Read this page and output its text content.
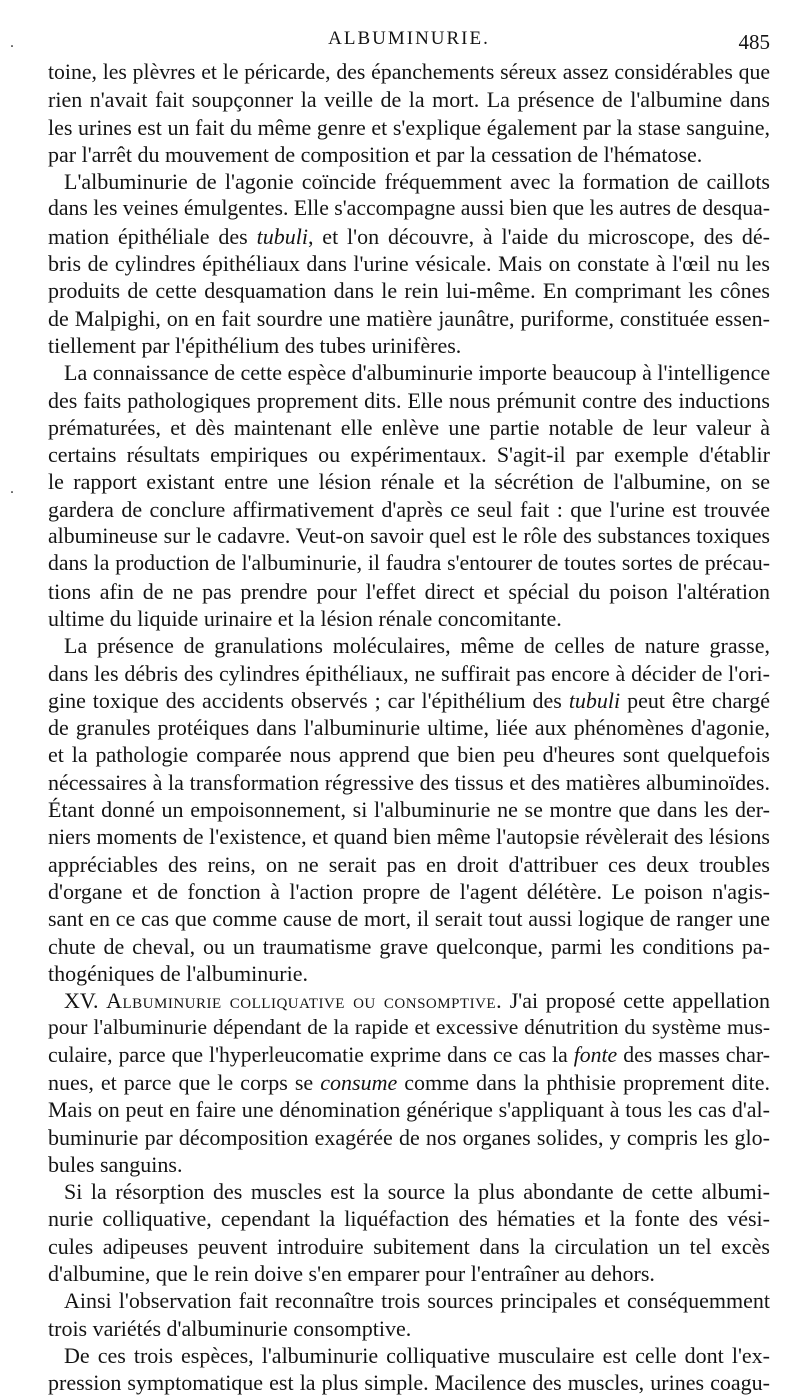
ALBUMINURIE.	485
.
.
toine, les plèvres et le péricarde, des épanchements séreux assez considérables que
rien n'avait fait soupçonner la veille de la mort. La présence de l'albumine dans
les urines est un fait du même genre et s'explique également par la stase sanguine,
par l'arrêt du mouvement de composition et par la cessation de l'hématose.
L'albuminurie de l'agonie coïncide fréquemment avec la formation de caillots
dans les veines émulgentes. Elle s'accompagne aussi bien que les autres de desqua-
mation épithéliale des tubuli, et l'on découvre, à l'aide du microscope, des dé-
bris de cylindres épithéliaux dans l'urine vésicale. Mais on constate à l'œil nu les
produits de cette desquamation dans le rein lui-même. En comprimant les cônes
de Malpighi, on en fait sourdre une matière jaunâtre, puriforme, constituée essen-
tiellement par l'épithélium des tubes urinifères.
La connaissance de cette espèce d'albuminurie importe beaucoup à l'intelligence
des faits pathologiques proprement dits. Elle nous prémunit contre des inductions
prématurées, et dès maintenant elle enlève une partie notable de leur valeur à
certains résultats empiriques ou expérimentaux. S'agit-il par exemple d'établir
le rapport existant entre une lésion rénale et la sécrétion de l'albumine, on se
gardera de conclure affirmativement d'après ce seul fait : que l'urine est trouvée
albumineuse sur le cadavre. Veut-on savoir quel est le rôle des substances toxiques
dans la production de l'albuminurie, il faudra s'entourer de toutes sortes de précau-
tions afin de ne pas prendre pour l'effet direct et spécial du poison l'altération
ultime du liquide urinaire et la lésion rénale concomitante.
La présence de granulations moléculaires, même de celles de nature grasse,
dans les débris des cylindres épithéliaux, ne suffirait pas encore à décider de l'ori-
gine toxique des accidents observés ; car l'épithélium des tubuli peut être chargé
de granules protéiques dans l'albuminurie ultime, liée aux phénomènes d'agonie,
et la pathologie comparée nous apprend que bien peu d'heures sont quelquefois
nécessaires à la transformation régressive des tissus et des matières albuminoïdes.
Étant donné un empoisonnement, si l'albuminurie ne se montre que dans les der-
niers moments de l'existence, et quand bien même l'autopsie révèlerait des lésions
appréciables des reins, on ne serait pas en droit d'attribuer ces deux troubles
d'organe et de fonction à l'action propre de l'agent délétère. Le poison n'agis-
sant en ce cas que comme cause de mort, il serait tout aussi logique de ranger une
chute de cheval, ou un traumatisme grave quelconque, parmi les conditions pa-
thogéniques de l'albuminurie.
XV. Albuminurie colliquative ou consomptive. J'ai proposé cette appellation
pour l'albuminurie dépendant de la rapide et excessive dénutrition du système mus-
culaire, parce que l'hyperleucomatie exprime dans ce cas la fonte des masses char-
nues, et parce que le corps se consume comme dans la phthisie proprement dite.
Mais on peut en faire une dénomination générique s'appliquant à tous les cas d'al-
buminurie par décomposition exagérée de nos organes solides, y compris les glo-
bules sanguins.
Si la résorption des muscles est la source la plus abondante de cette albumi-
nurie colliquative, cependant la liquéfaction des hématies et la fonte des vési-
cules adipeuses peuvent introduire subitement dans la circulation un tel excès
d'albumine, que le rein doive s'en emparer pour l'entraîner au dehors.
Ainsi l'observation fait reconnaître trois sources principales et conséquemment
trois variétés d'albuminurie consomptive.
De ces trois espèces, l'albuminurie colliquative musculaire est celle dont l'ex-
pression symptomatique est la plus simple. Macilence des muscles, urines coagu-
